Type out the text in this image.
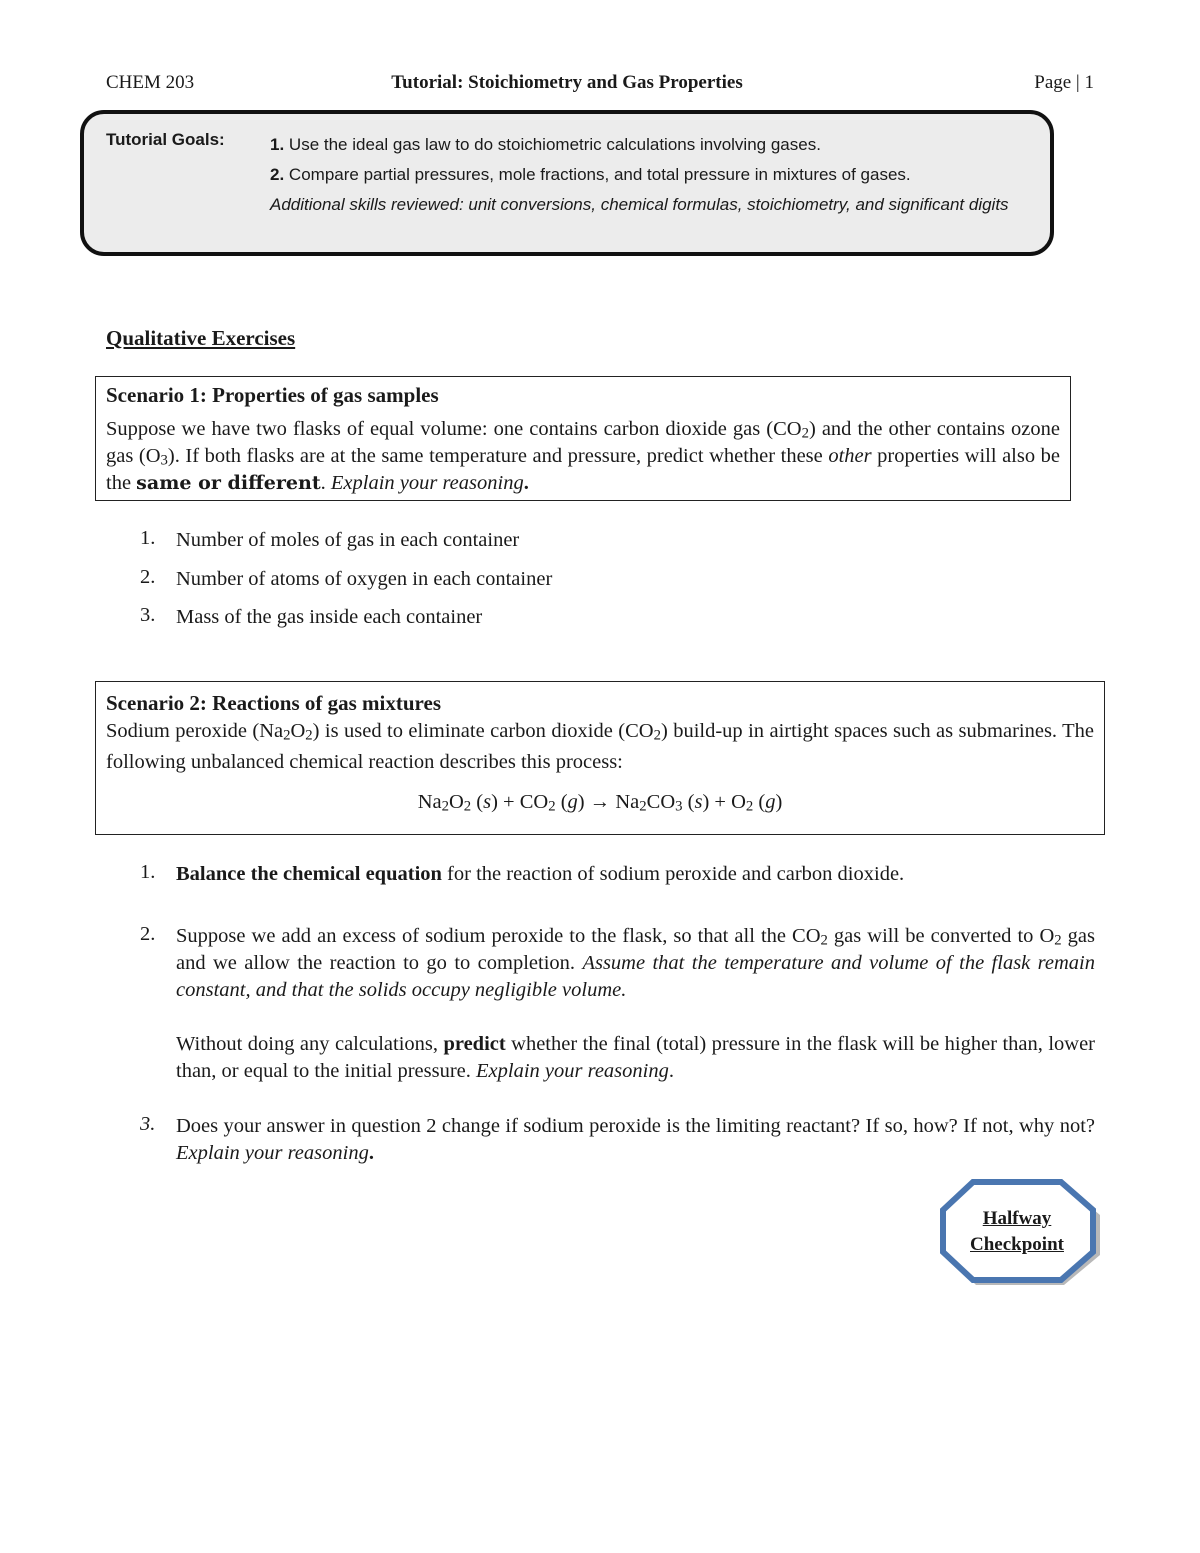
CHEM 203	Tutorial: Stoichiometry and Gas Properties	Page | 1
Tutorial Goals:	1. Use the ideal gas law to do stoichiometric calculations involving gases.
2. Compare partial pressures, mole fractions, and total pressure in mixtures of gases.
Additional skills reviewed: unit conversions, chemical formulas, stoichiometry, and significant digits
Qualitative Exercises
Scenario 1: Properties of gas samples
Suppose we have two flasks of equal volume: one contains carbon dioxide gas $(CO_2)$ and the other contains ozone gas $(O_3)$. If both flasks are at the same temperature and pressure, predict whether these other properties will also be the same or different. Explain your reasoning.
1.	Number of moles of gas in each container
2.	Number of atoms of oxygen in each container
3.	Mass of the gas inside each container
Scenario 2: Reactions of gas mixtures
Sodium peroxide $(Na_2O_2)$ is used to eliminate carbon dioxide $(CO_2)$ build-up in airtight spaces such as submarines. The following unbalanced chemical reaction describes this process:
$Na_2O_2$ $(s) + CO_2$ $(g) \to Na_2CO_3$ $(s) + O_2$ (g)
1.	Balance the chemical equation for the reaction of sodium peroxide and carbon dioxide.
2.	Suppose we add an excess of sodium peroxide to the flask, so that all the $CO_2$ gas will be converted to $O_2$ gas and we allow the reaction to go to completion. Assume that the temperature and volume of the flask remain constant, and that the solids occupy negligible volume.
Without doing any calculations, predict whether the final (total) pressure in the flask will be higher than, lower than, or equal to the initial pressure. Explain your reasoning.
3.	Does your answer in question 2 change if sodium peroxide is the limiting reactant? If so, how? If not, why not? Explain your reasoning.
Halfway
Checkpoint
